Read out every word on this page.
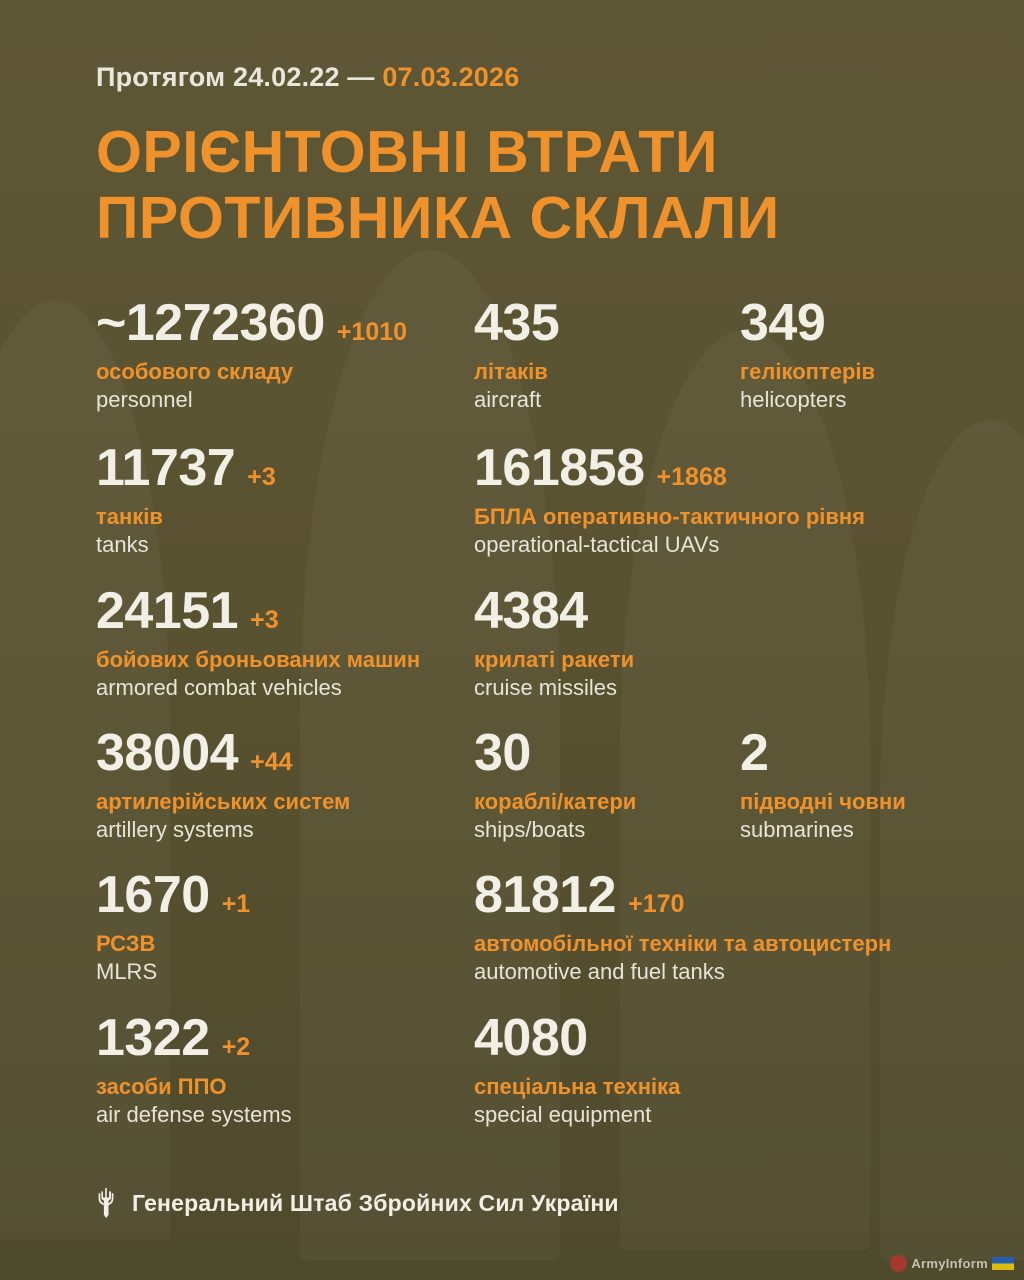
Протягом 24.02.22 — 07.03.2026
ОРІЄНТОВНІ ВТРАТИ
ПРОТИВНИКА СКЛАЛИ
~1272360 +1010
особового складу
personnel
435
літаків
aircraft
349
гелікоптерів
helicopters
11737 +3
танків
tanks
161858 +1868
БПЛА оперативно-тактичного рівня
operational-tactical UAVs
24151 +3
бойових броньованих машин
armored combat vehicles
4384
крилаті ракети
cruise missiles
38004 +44
артилерійських систем
artillery systems
30
кораблі/катери
ships/boats
2
підводні човни
submarines
1670 +1
РСЗВ
MLRS
81812 +170
автомобільної техніки та автоцистерн
automotive and fuel tanks
1322 +2
засоби ППО
air defense systems
4080
спеціальна техніка
special equipment
Генеральний Штаб Збройних Сил України
ArmyInform
